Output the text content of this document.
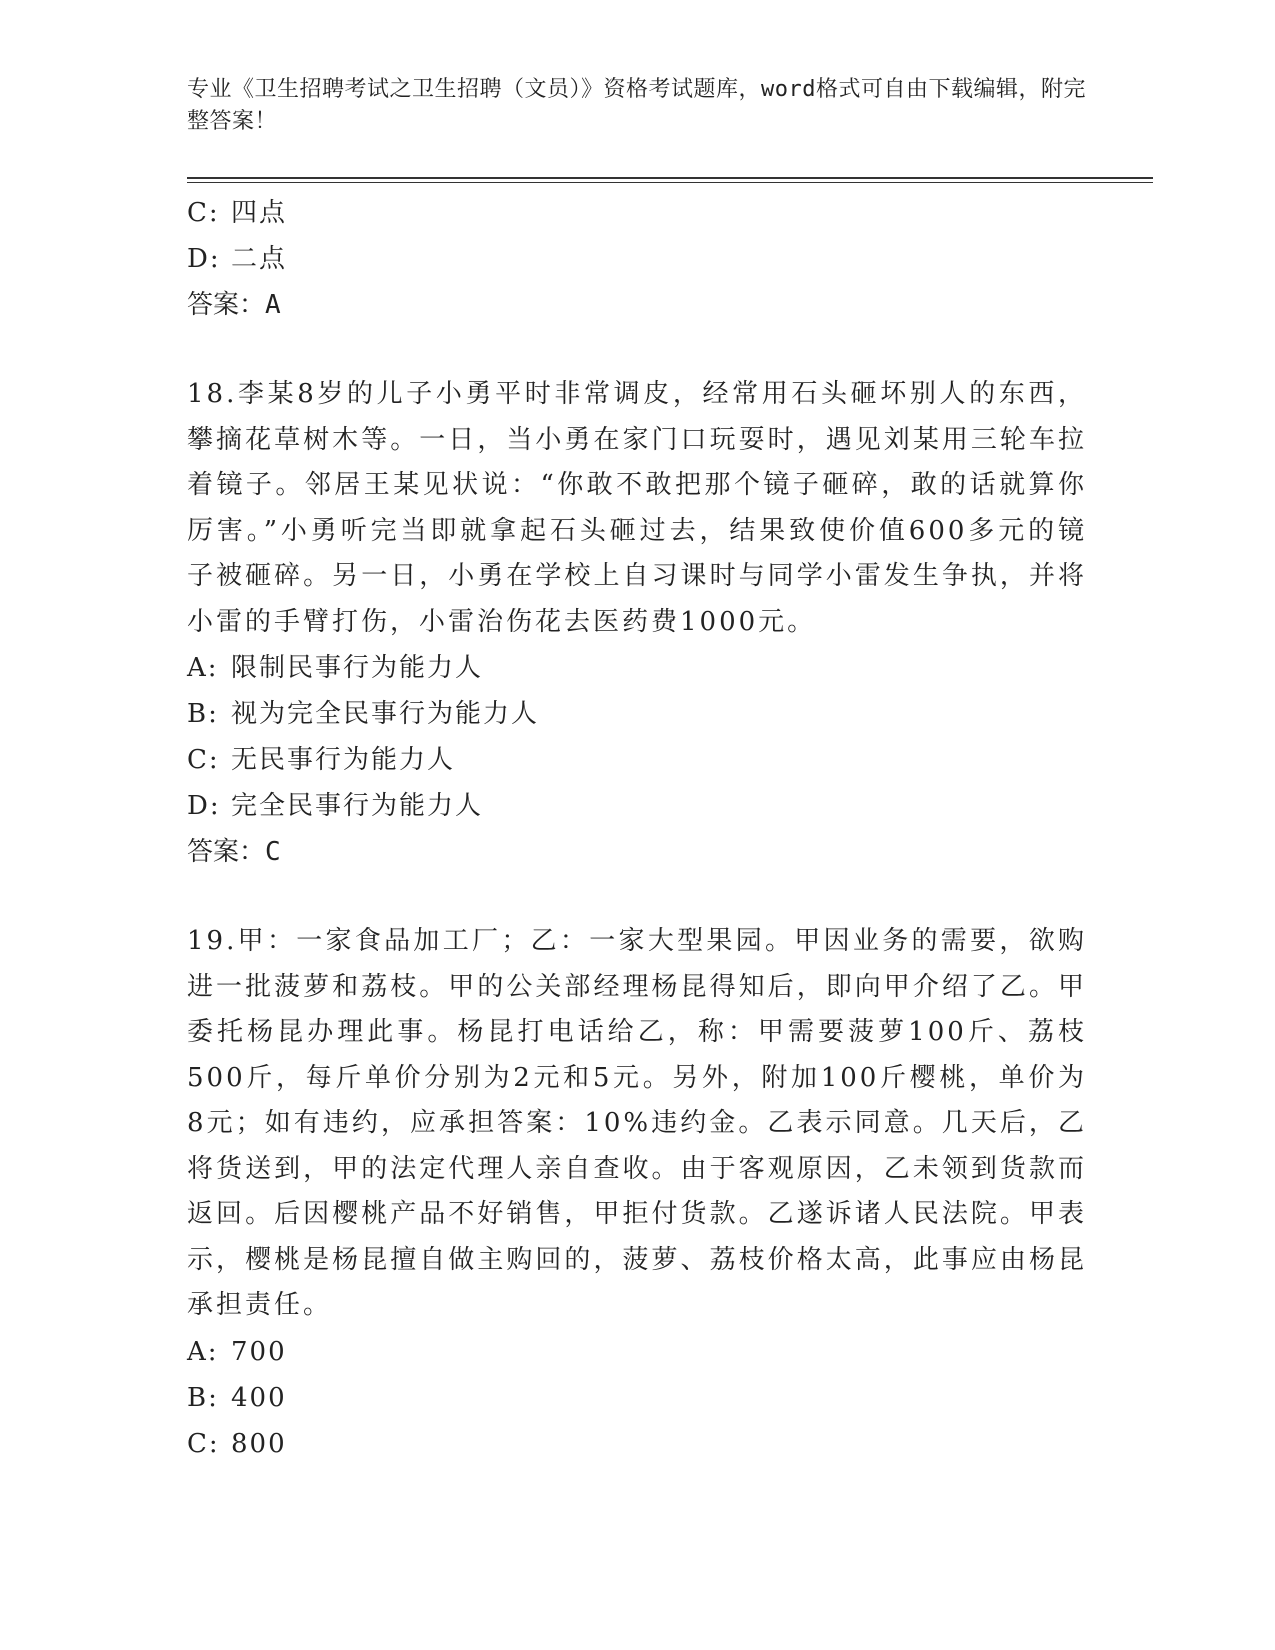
专业《卫生招聘考试之卫生招聘（文员）》资格考试题库，word格式可自由下载编辑，附完整答案！
C: 四点
D: 二点
答案：A
18.李某8岁的儿子小勇平时非常调皮，经常用石头砸坏别人的东西，攀摘花草树木等。一日，当小勇在家门口玩耍时，遇见刘某用三轮车拉着镜子。邻居王某见状说：“你敢不敢把那个镜子砸碎，敢的话就算你厉害。”小勇听完当即就拿起石头砸过去，结果致使价值600多元的镜子被砸碎。另一日，小勇在学校上自习课时与同学小雷发生争执，并将小雷的手臂打伤，小雷治伤花去医药费1000元。
A: 限制民事行为能力人
B: 视为完全民事行为能力人
C: 无民事行为能力人
D: 完全民事行为能力人
答案：C
19.甲：一家食品加工厂；乙：一家大型果园。甲因业务的需要，欲购进一批菠萝和荔枝。甲的公关部经理杨昆得知后，即向甲介绍了乙。甲委托杨昆办理此事。杨昆打电话给乙，称：甲需要菠萝100斤、荔枝500斤，每斤单价分别为2元和5元。另外，附加100斤樱桃，单价为8元；如有违约，应承担答案：10%违约金。乙表示同意。几天后，乙将货送到，甲的法定代理人亲自查收。由于客观原因，乙未领到货款而返回。后因樱桃产品不好销售，甲拒付货款。乙遂诉诸人民法院。甲表示，樱桃是杨昆擅自做主购回的，菠萝、荔枝价格太高，此事应由杨昆承担责任。
A: 700
B: 400
C: 800
